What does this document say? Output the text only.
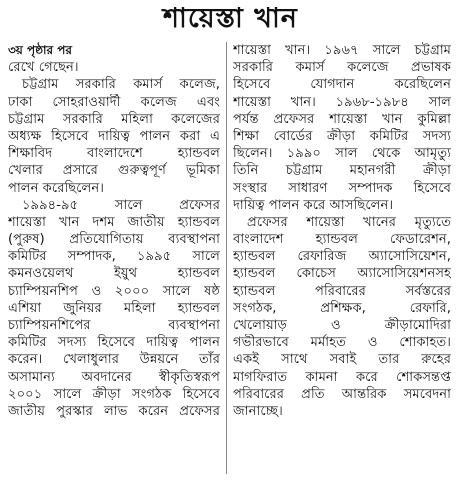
শায়েস্তা খান
৩য় পৃষ্ঠার পর
রেখে গেছেন।
চট্টগ্রাম সরকারি কমার্স কলেজ,
ঢাকা সোহরাওয়ার্দী কলেজ এবং
চট্টগ্রাম সরকারি মহিলা কলেজের
অধ্যক্ষ হিসেবে দায়িত্ব পালন করা এ
শিক্ষাবিদ বাংলাদেশে হ্যান্ডবল
খেলার প্রসারে গুরুত্বপূর্ণ ভূমিকা
পালন করেছিলেন।
১৯৯৪-৯৫ সালে প্রফেসর
শায়েস্তা খান দশম জাতীয় হ্যান্ডবল
(পুরুষ) প্রতিযোগিতায় ব্যবস্থাপনা
কমিটির সম্পাদক, ১৯৯৫ সালে
কমনওয়েলথ ইয়ুথ হ্যান্ডবল
চ্যাম্পিয়নশিপ ও ২০০০ সালে ষষ্ঠ
এশিয়া জুনিয়র মহিলা হ্যান্ডবল
চ্যাম্পিয়নশিপের ব্যবস্থাপনা
কমিটির সদস্য হিসেবে দায়িত্ব পালন
করেন। খেলাধুলার উন্নয়নে তাঁর
অসামান্য অবদানের স্বীকৃতিস্বরূপ
২০০১ সালে ক্রীড়া সংগঠক হিসেবে
জাতীয় পুরস্কার লাভ করেন প্রফেসর
শায়েস্তা খান। ১৯৬৭ সালে চট্টগ্রাম
সরকারি কমার্স কলেজে প্রভাষক
হিসেবে যোগদান করেছিলেন
শায়েস্তা খান। ১৯৬৮-১৯৮৪ সাল
পর্যন্ত প্রফেসর শায়েস্তা খান কুমিল্লা
শিক্ষা বোর্ডের ক্রীড়া কমিটির সদস্য
ছিলেন। ১৯৯০ সাল থেকে আমৃত্যু
তিনি চট্টগ্রাম মহানগরী ক্রীড়া
সংস্থার সাধারণ সম্পাদক হিসেবে
দায়িত্ব পালন করে আসছিলেন।
প্রফেসর শায়েস্তা খানের মৃত্যুতে
বাংলাদেশ হ্যান্ডবল ফেডারেশন,
হ্যান্ডবল রেফারিজ অ্যাসোসিয়েশন,
হ্যান্ডবল কোচেস অ্যাসোসিয়েশনসহ
হ্যান্ডবল পরিবারের সর্বস্তরের
সংগঠক, প্রশিক্ষক, রেফারি,
খেলোয়াড় ও ক্রীড়ামোদিরা
গভীরভাবে মর্মাহত ও শোকাহত।
একই সাথে সবাই তার রুহের
মাগফিরাত কামনা করে শোকসন্তপ্ত
পরিবারের প্রতি আন্তরিক সমবেদনা
জানাচ্ছে।
